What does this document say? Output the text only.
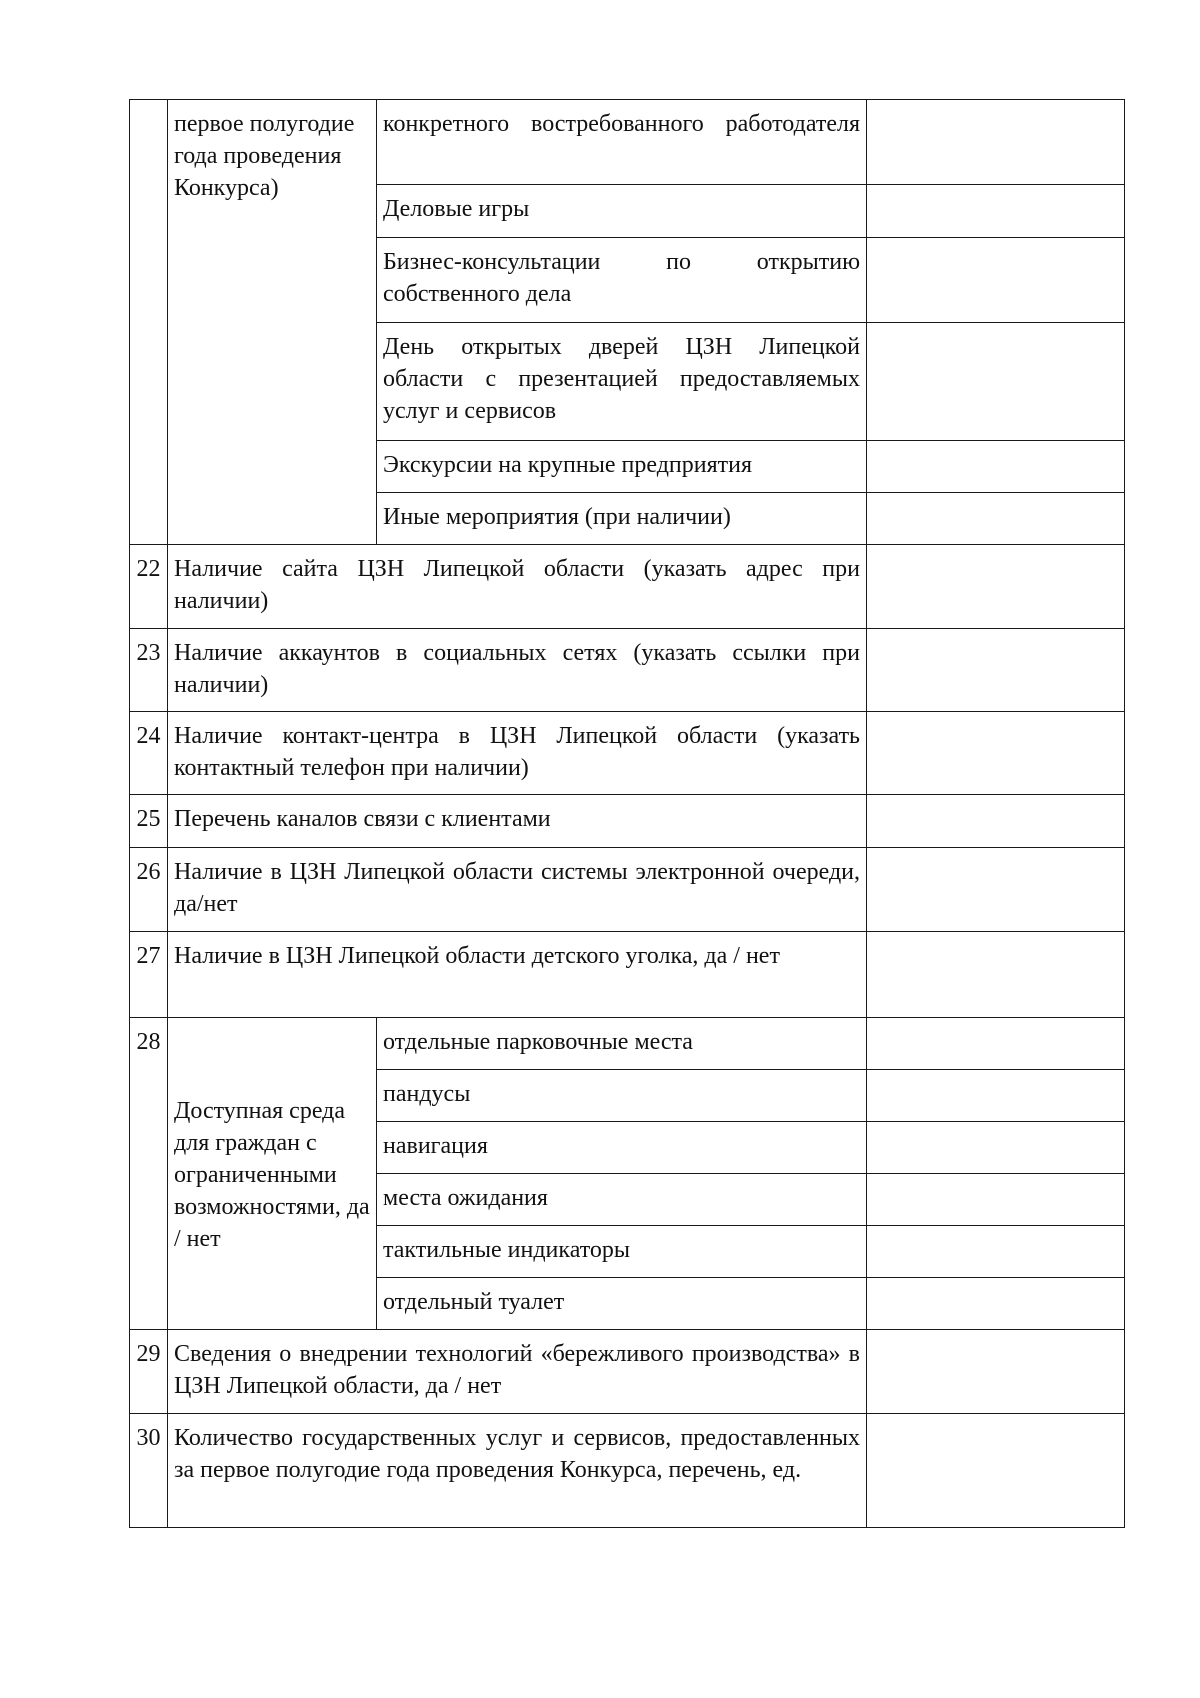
	первое полугодие года проведения Конкурса)	конкретного востребованного работодателя	
		Деловые игры	
		Бизнес-консультации по открытию собственного дела	
		День открытых дверей ЦЗН Липецкой области с презентацией предоставляемых услуг и сервисов	
		Экскурсии на крупные предприятия	
		Иные мероприятия (при наличии)	
22	Наличие сайта ЦЗН Липецкой области (указать адрес при наличии)		
23	Наличие аккаунтов в социальных сетях (указать ссылки при наличии)		
24	Наличие контакт-центра в ЦЗН Липецкой области (указать контактный телефон при наличии)		
25	Перечень каналов связи с клиентами		
26	Наличие в ЦЗН Липецкой области системы электронной очереди, да/нет		
27	Наличие в ЦЗН Липецкой области детского уголка, да / нет		
28	Доступная среда для граждан с ограниченными возможностями, да / нет	отдельные парковочные места	
		пандусы	
		навигация	
		места ожидания	
		тактильные индикаторы	
		отдельный туалет	
29	Сведения о внедрении технологий «бережливого производства» в ЦЗН Липецкой области, да / нет		
30	Количество государственных услуг и сервисов, предоставленных за первое полугодие года проведения Конкурса, перечень, ед.		
